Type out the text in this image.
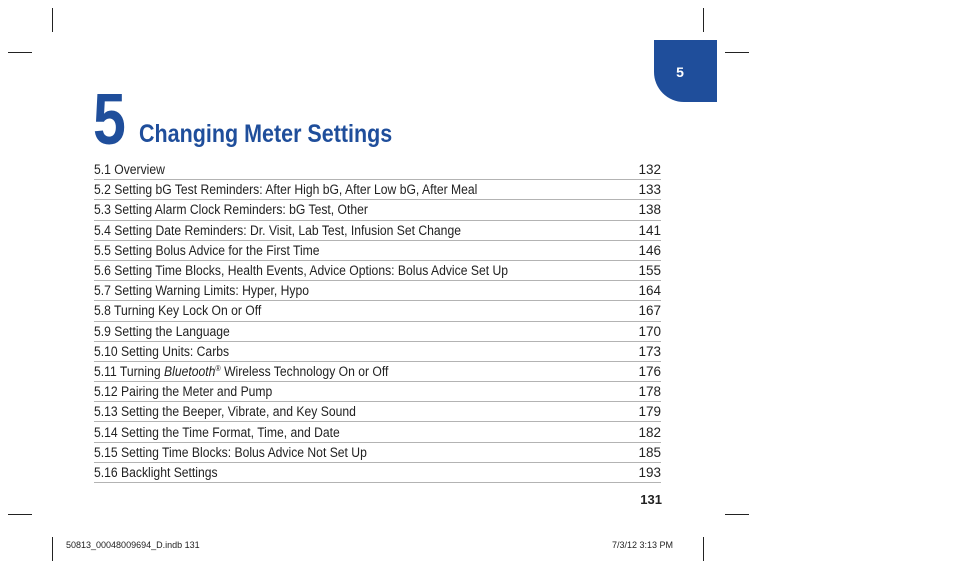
5
5 Changing Meter Settings
5.1 Overview	132
5.2 Setting bG Test Reminders: After High bG, After Low bG, After Meal	133
5.3 Setting Alarm Clock Reminders: bG Test, Other	138
5.4 Setting Date Reminders: Dr. Visit, Lab Test, Infusion Set Change	141
5.5 Setting Bolus Advice for the First Time	146
5.6 Setting Time Blocks, Health Events, Advice Options: Bolus Advice Set Up	155
5.7 Setting Warning Limits: Hyper, Hypo	164
5.8 Turning Key Lock On or Off	167
5.9 Setting the Language	170
5.10 Setting Units: Carbs	173
5.11 Turning Bluetooth® Wireless Technology On or Off	176
5.12 Pairing the Meter and Pump	178
5.13 Setting the Beeper, Vibrate, and Key Sound	179
5.14 Setting the Time Format, Time, and Date	182
5.15 Setting Time Blocks: Bolus Advice Not Set Up	185
5.16 Backlight Settings	193
131
50813_00048009694_D.indb 131	7/3/12 3:13 PM
